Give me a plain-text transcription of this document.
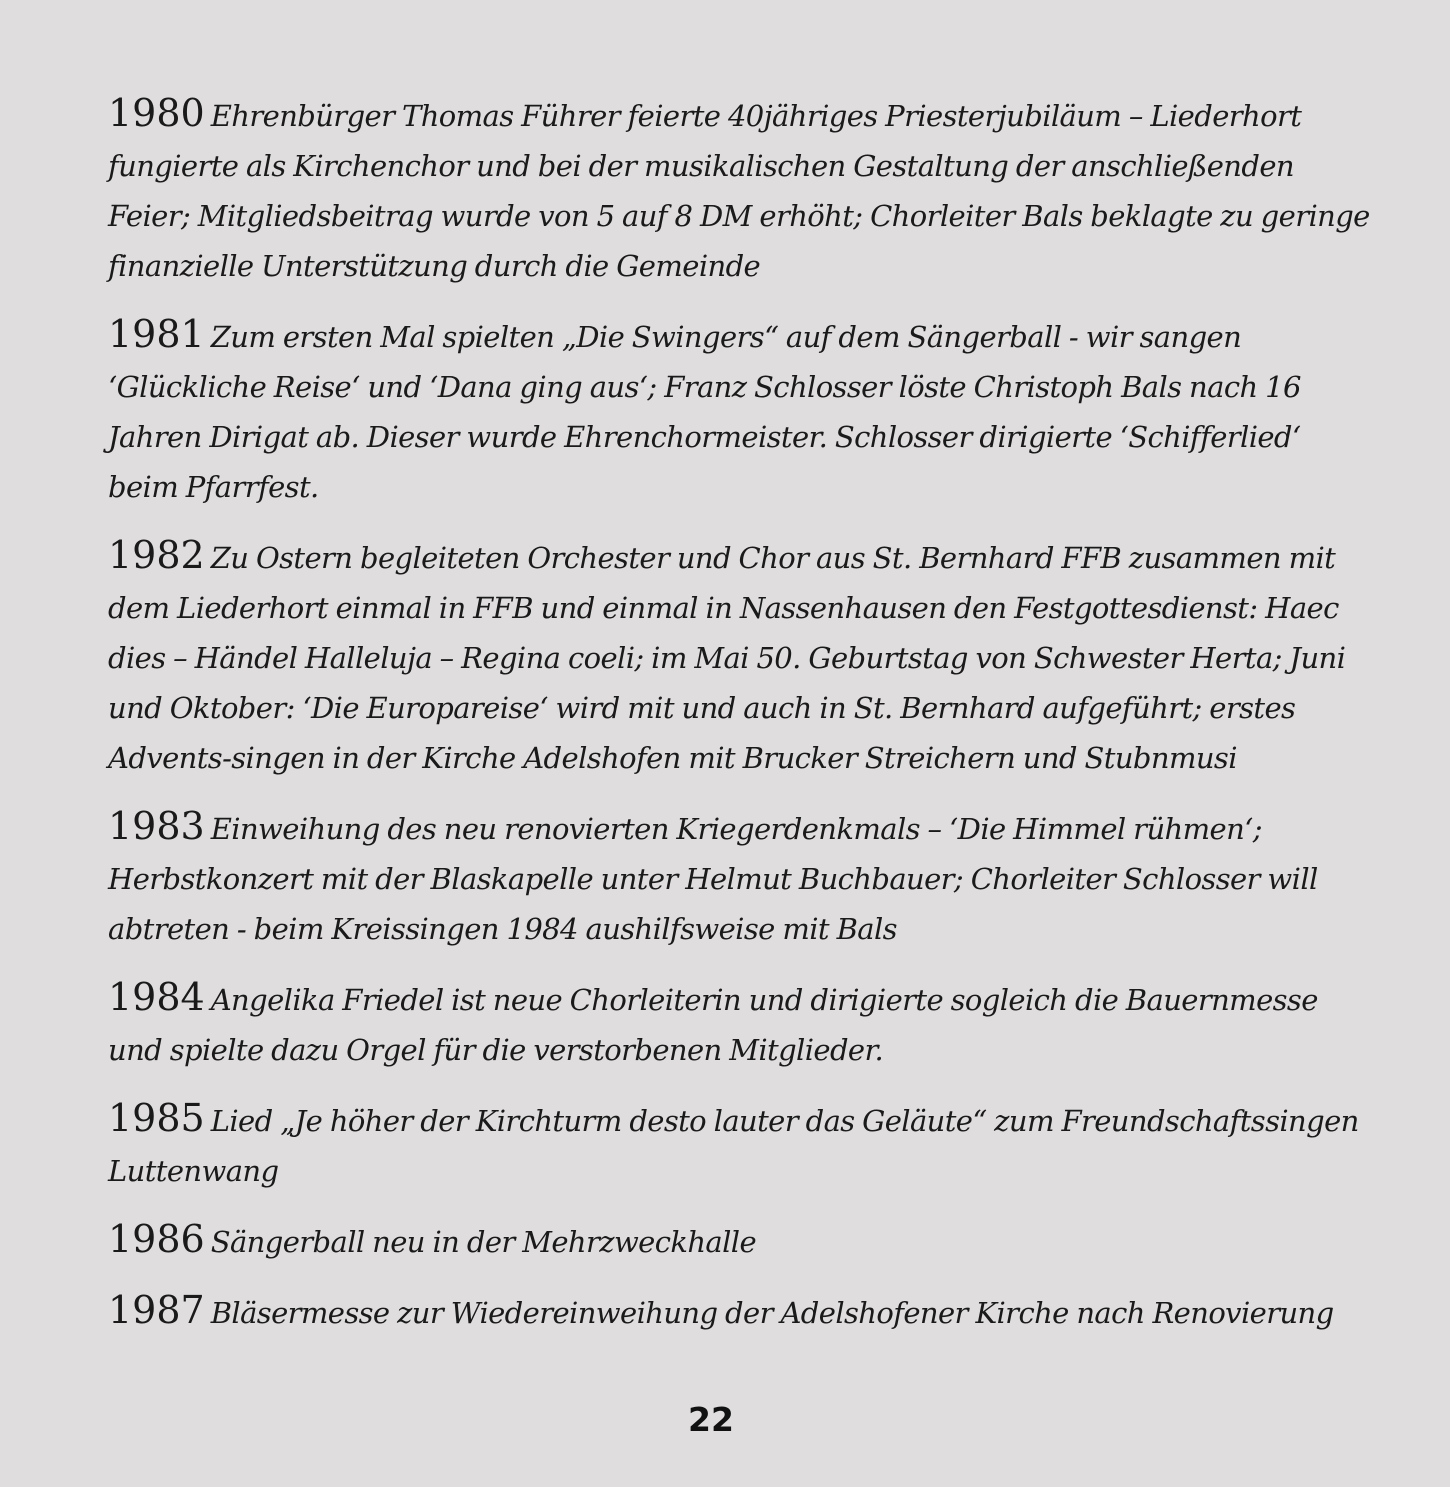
1980 Ehrenbürger Thomas Führer feierte 40jähriges Priesterjubiläum – Liederhort fungierte als Kirchenchor und bei der musikalischen Gestaltung der anschließenden Feier; Mitgliedsbeitrag wurde von 5 auf 8 DM erhöht; Chorleiter Bals beklagte zu geringe finanzielle Unterstützung durch die Gemeinde

1981 Zum ersten Mal spielten „Die Swingers“ auf dem Sängerball - wir sangen ‘Glückliche Reise‘ und ‘Dana ging aus‘; Franz Schlosser löste Christoph Bals nach 16 Jahren Dirigat ab. Dieser wurde Ehrenchormeister. Schlosser dirigierte ‘Schifferlied‘ beim Pfarrfest.

1982 Zu Ostern begleiteten Orchester und Chor aus St. Bernhard FFB zusammen mit dem Liederhort einmal in FFB und einmal in Nassenhausen den Festgottesdienst: Haec dies – Händel Halleluja – Regina coeli; im Mai 50. Geburtstag von Schwester Herta; Juni und Oktober: ‘Die Europareise‘ wird mit und auch in St. Bernhard aufgeführt; erstes Advents-singen in der Kirche Adelshofen mit Brucker Streichern und Stubnmusi

1983 Einweihung des neu renovierten Kriegerdenkmals – ‘Die Himmel rühmen‘; Herbstkonzert mit der Blaskapelle unter Helmut Buchbauer; Chorleiter Schlosser will abtreten - beim Kreissingen 1984 aushilfsweise mit Bals

1984 Angelika Friedel ist neue Chorleiterin und dirigierte sogleich die Bauernmesse und spielte dazu Orgel für die verstorbenen Mitglieder.

1985 Lied „Je höher der Kirchturm desto lauter das Geläute“ zum Freundschaftssingen Luttenwang

1986 Sängerball neu in der Mehrzweckhalle

1987 Bläsermesse zur Wiedereinweihung der Adelshofener Kirche nach Renovierung

22
